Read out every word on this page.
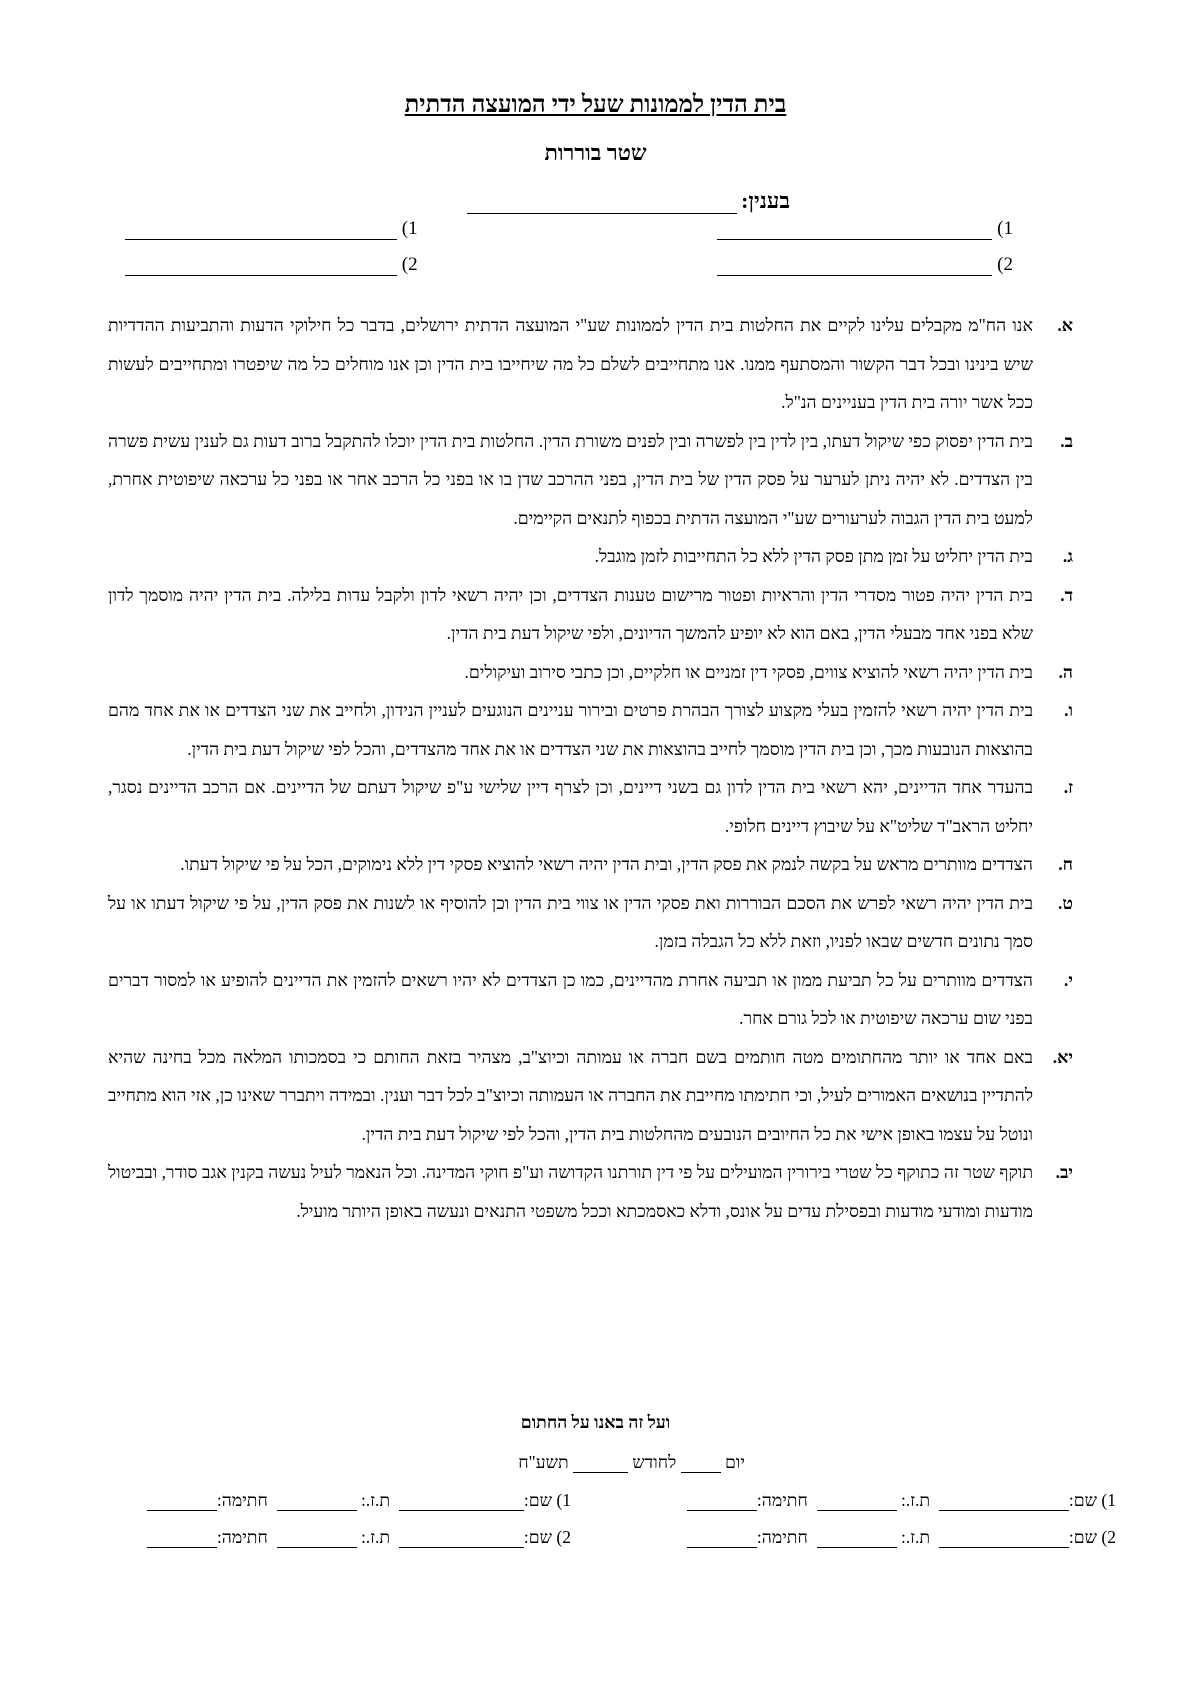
בית הדין לממונות שעל ידי המועצה הדתית
שטר בוררות
בענין:
1)
2)
(1
(2
א.
אנו הח"מ מקבלים עלינו לקיים את החלטות בית הדין לממונות שע"י המועצה הדתית ירושלים, בדבר כל חילוקי הדעות והתביעות ההדדיות שיש בינינו ובכל דבר הקשור והמסתעף ממנו. אנו מתחייבים לשלם כל מה שיחייבו בית הדין וכן אנו מוחלים כל מה שיפטרו ומתחייבים לעשות ככל אשר יורה בית הדין בעניינים הנ"ל.
ב.
בית הדין יפסוק כפי שיקול דעתו, בין לדין בין לפשרה ובין לפנים משורת הדין. החלטות בית הדין יוכלו להתקבל ברוב דעות גם לענין עשית פשרה בין הצדדים. לא יהיה ניתן לערער על פסק הדין של בית הדין, בפני ההרכב שדן בו או בפני כל הרכב אחר או בפני כל ערכאה שיפוטית אחרת, למעט בית הדין הגבוה לערעורים שע"י המועצה הדתית בכפוף לתנאים הקיימים.
ג.
בית הדין יחליט על זמן מתן פסק הדין ללא כל התחייבות לזמן מוגבל.
ד.
בית הדין יהיה פטור מסדרי הדין והראיות ופטור מרישום טענות הצדדים, וכן יהיה רשאי לדון ולקבל עדות בלילה. בית הדין יהיה מוסמך לדון שלא בפני אחד מבעלי הדין, באם הוא לא יופיע להמשך הדיונים, ולפי שיקול דעת בית הדין.
ה.
בית הדין יהיה רשאי להוציא צווים, פסקי דין זמניים או חלקיים, וכן כתבי סירוב ועיקולים.
ו.
בית הדין יהיה רשאי להזמין בעלי מקצוע לצורך הבהרת פרטים ובירור עניינים הנוגעים לעניין הנידון, ולחייב את שני הצדדים או את אחד מהם בהוצאות הנובעות מכך, וכן בית הדין מוסמך לחייב בהוצאות את שני הצדדים או את אחד מהצדדים, והכל לפי שיקול דעת בית הדין.
ז.
בהעדר אחד הדיינים, יהא רשאי בית הדין לדון גם בשני דיינים, וכן לצרף דיין שלישי ע"פ שיקול דעתם של הדיינים. אם הרכב הדיינים נסגר, יחליט הראב"ד שליט"א על שיבוץ דיינים חלופי.
ח.
הצדדים מוותרים מראש על בקשה לנמק את פסק הדין, ובית הדין יהיה רשאי להוציא פסקי דין ללא נימוקים, הכל על פי שיקול דעתו.
ט.
בית הדין יהיה רשאי לפרש את הסכם הבוררות ואת פסקי הדין או צווי בית הדין וכן להוסיף או לשנות את פסק הדין, על פי שיקול דעתו או על סמך נתונים חדשים שבאו לפניו, וזאת ללא כל הגבלה בזמן.
י.
הצדדים מוותרים על כל תביעת ממון או תביעה אחרת מהדיינים, כמו כן הצדדים לא יהיו רשאים להזמין את הדיינים להופיע או למסור דברים בפני שום ערכאה שיפוטית או לכל גורם אחר.
יא.
באם אחד או יותר מהחתומים מטה חותמים בשם חברה או עמותה וכיוצ"ב, מצהיר בזאת החותם כי בסמכותו המלאה מכל בחינה שהיא להתדיין בנושאים האמורים לעיל, וכי חתימתו מחייבת את החברה או העמותה וכיוצ"ב לכל דבר וענין. ובמידה ויתברר שאינו כן, אזי הוא מתחייב ונוטל על עצמו באופן אישי את כל החיובים הנובעים מהחלטות בית הדין, והכל לפי שיקול דעת בית הדין.
יב.
תוקף שטר זה כתוקף כל שטרי בירורין המועילים על פי דין תורתנו הקדושה וע"פ חוקי המדינה. וכל הנאמר לעיל נעשה בקנין אגב סודר, ובביטול מודעות ומודעי מודעות ובפסילת עדים על אונס, ודלא כאסמכתא וככל משפטי התנאים ונעשה באופן היותר מועיל.
ועל זה באנו על החתום
יום  לחודש  תשע"ח
1) שם:  ת.ז.:   חתימה:
1) שם:  ת.ז.:   חתימה:
2) שם:  ת.ז.:   חתימה:
2) שם:  ת.ז.:   חתימה:
